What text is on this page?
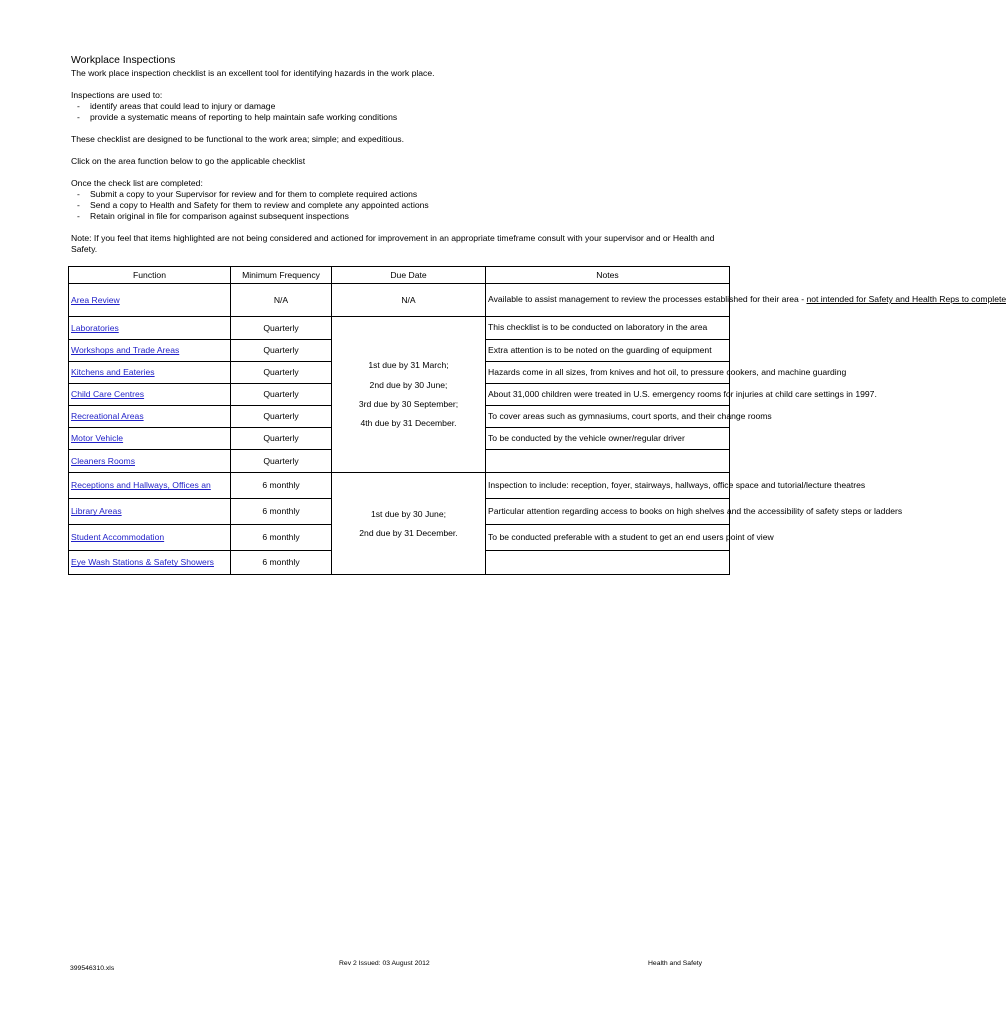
Workplace Inspections

The work place inspection checklist is an excellent tool for identifying hazards in the work place.

Inspections are used to:

-	identify areas that could lead to injury or damage
-	provide a systematic means of reporting to help maintain safe working conditions

These checklist are designed to be functional to the work area; simple; and expeditious.

Click on the area function below to go the applicable checklist

Once the check list are completed:

-	Submit a copy to your Supervisor for review and for them to complete required actions
-	Send a copy to Health and Safety for them to review and complete any appointed actions
-	Retain original in file for comparison against subsequent inspections

Note: If you feel that items highlighted are not being considered and actioned for improvement in an appropriate timeframe consult with your supervisor and or Health and Safety.

Function	Minimum Frequency	Due Date	Notes
Area Review	N/A	N/A	Available to assist management to review the processes established for their area - not intended for Safety and Health Reps to complete
Laboratories	Quarterly	1st due by 31 March;
2nd due by 30 June;
3rd due by 30 September;
4th due by 31 December.	This checklist is to be conducted on laboratory in the area
Workshops and Trade Areas	Quarterly		Extra attention is to be noted on the guarding of equipment
Kitchens and Eateries	Quarterly		Hazards come in all sizes, from knives and hot oil, to pressure cookers, and machine guarding
Child Care Centres	Quarterly		About 31,000 children were treated in U.S. emergency rooms for injuries at child care settings in 1997.
Recreational Areas	Quarterly		To cover areas such as gymnasiums, court sports, and their change rooms
Motor Vehicle	Quarterly		To be conducted by the vehicle owner/regular driver
Cleaners Rooms	Quarterly		
Receptions and Hallways, Offices an	6 monthly	1st due by 30 June;
2nd due by 31 December.	Inspection to include: reception, foyer, stairways, hallways, office space and tutorial/lecture theatres
Library Areas	6 monthly		Particular attention regarding access to books on high shelves and the accessibility of safety steps or ladders
Student Accommodation	6 monthly		To be conducted preferable with a student to get an end users point of view
Eye Wash Stations & Safety Showers	6 monthly		
399546310.xls
Rev 2 Issued: 03 August 2012	Health and Safety
